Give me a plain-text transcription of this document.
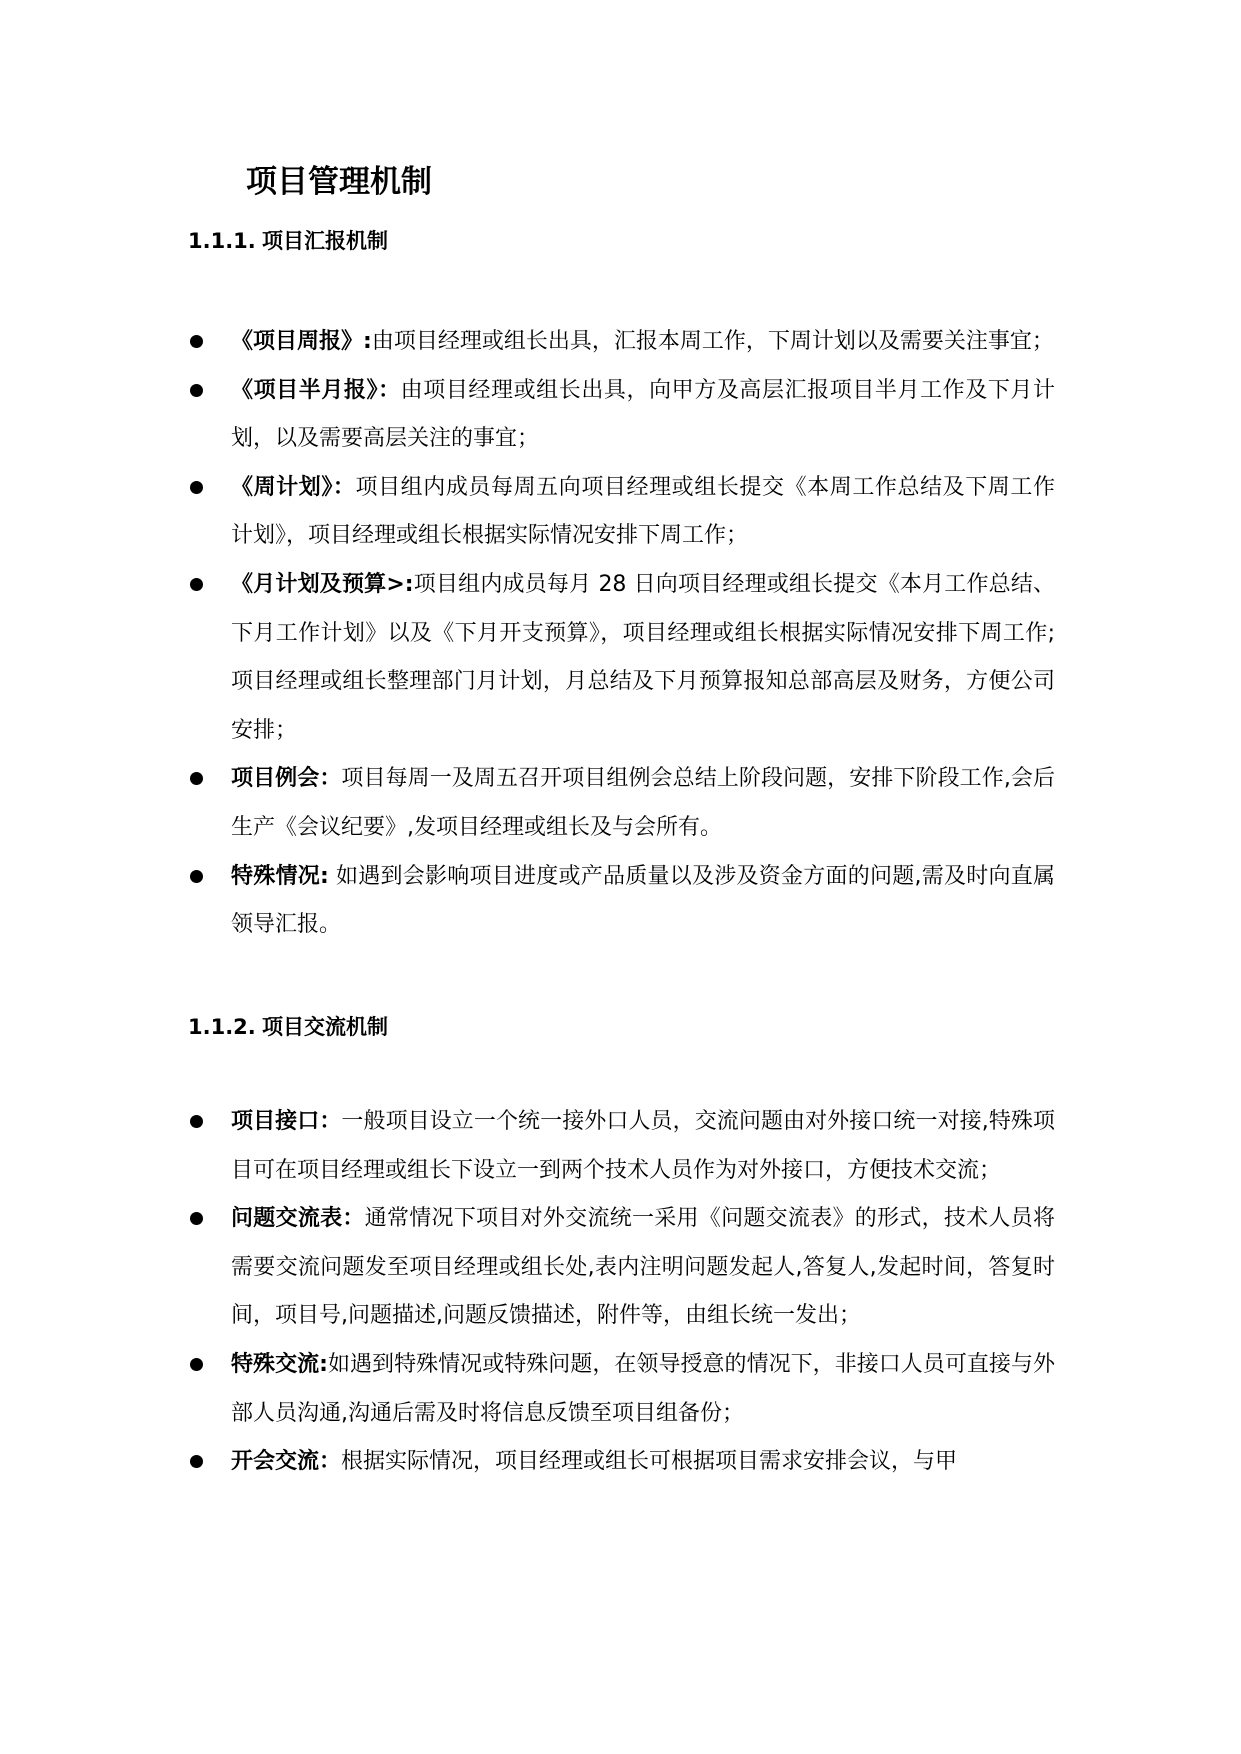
项目管理机制
1.1.1. 项目汇报机制
《项目周报》:由项目经理或组长出具，汇报本周工作，下周计划以及需要关注事宜；
《项目半月报》：由项目经理或组长出具，向甲方及高层汇报项目半月工作及下月计划，以及需要高层关注的事宜；
《周计划》：项目组内成员每周五向项目经理或组长提交《本周工作总结及下周工作计划》，项目经理或组长根据实际情况安排下周工作；
《月计划及预算>:项目组内成员每月 28 日向项目经理或组长提交《本月工作总结、下月工作计划》以及《下月开支预算》，项目经理或组长根据实际情况安排下周工作;项目经理或组长整理部门月计划，月总结及下月预算报知总部高层及财务，方便公司安排；
项目例会：项目每周一及周五召开项目组例会总结上阶段问题，安排下阶段工作,会后生产《会议纪要》,发项目经理或组长及与会所有。
特殊情况: 如遇到会影响项目进度或产品质量以及涉及资金方面的问题,需及时向直属领导汇报。
1.1.2. 项目交流机制
项目接口：一般项目设立一个统一接外口人员，交流问题由对外接口统一对接,特殊项目可在项目经理或组长下设立一到两个技术人员作为对外接口，方便技术交流；
问题交流表：通常情况下项目对外交流统一采用《问题交流表》的形式，技术人员将需要交流问题发至项目经理或组长处,表内注明问题发起人,答复人,发起时间，答复时间，项目号,问题描述,问题反馈描述，附件等，由组长统一发出；
特殊交流:如遇到特殊情况或特殊问题，在领导授意的情况下，非接口人员可直接与外部人员沟通,沟通后需及时将信息反馈至项目组备份；
开会交流：根据实际情况，项目经理或组长可根据项目需求安排会议，与甲
